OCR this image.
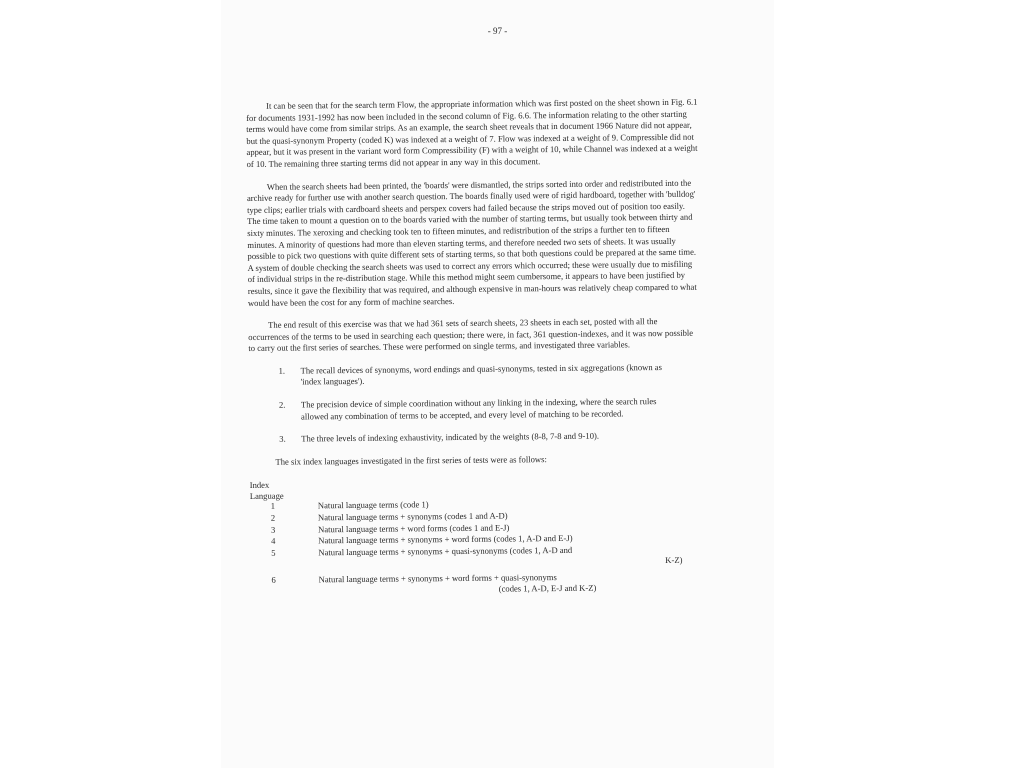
- 97 -

It can be seen that for the search term Flow, the appropriate information which was first posted on the sheet shown in Fig. 6.1 for documents 1931-1992 has now been included in the second column of Fig. 6.6. The information relating to the other starting terms would have come from similar strips. As an example, the search sheet reveals that in document 1966 Nature did not appear, but the quasi-synonym Property (coded K) was indexed at a weight of 7. Flow was indexed at a weight of 9. Compressible did not appear, but it was present in the variant word form Compressibility (F) with a weight of 10, while Channel was indexed at a weight of 10. The remaining three starting terms did not appear in any way in this document.

When the search sheets had been printed, the 'boards' were dismantled, the strips sorted into order and redistributed into the archive ready for further use with another search question. The boards finally used were of rigid hardboard, together with 'bulldog' type clips; earlier trials with cardboard sheets and perspex covers had failed because the strips moved out of position too easily. The time taken to mount a question on to the boards varied with the number of starting terms, but usually took between thirty and sixty minutes. The xeroxing and checking took ten to fifteen minutes, and redistribution of the strips a further ten to fifteen minutes. A minority of questions had more than eleven starting terms, and therefore needed two sets of sheets. It was usually possible to pick two questions with quite different sets of starting terms, so that both questions could be prepared at the same time. A system of double checking the search sheets was used to correct any errors which occurred; these were usually due to misfiling of individual strips in the re-distribution stage. While this method might seem cumbersome, it appears to have been justified by results, since it gave the flexibility that was required, and although expensive in man-hours was relatively cheap compared to what would have been the cost for any form of machine searches.

The end result of this exercise was that we had 361 sets of search sheets, 23 sheets in each set, posted with all the occurrences of the terms to be used in searching each question; there were, in fact, 361 question-indexes, and it was now possible to carry out the first series of searches. These were performed on single terms, and investigated three variables.

1. The recall devices of synonyms, word endings and quasi-synonyms, tested in six aggregations (known as 'index languages').
2. The precision device of simple coordination without any linking in the indexing, where the search rules allowed any combination of terms to be accepted, and every level of matching to be recorded.
3. The three levels of indexing exhaustivity, indicated by the weights (8-8, 7-8 and 9-10).

The six index languages investigated in the first series of tests were as follows:

Index
Language
1	Natural language terms (code 1)
2	Natural language terms + synonyms (codes 1 and A-D)
3	Natural language terms + word forms (codes 1 and E-J)
4	Natural language terms + synonyms + word forms (codes 1, A-D and E-J)
5	Natural language terms + synonyms + quasi-synonyms (codes 1, A-D and
K-Z)
6	Natural language terms + synonyms + word forms + quasi-synonyms
(codes 1, A-D, E-J and K-Z)
